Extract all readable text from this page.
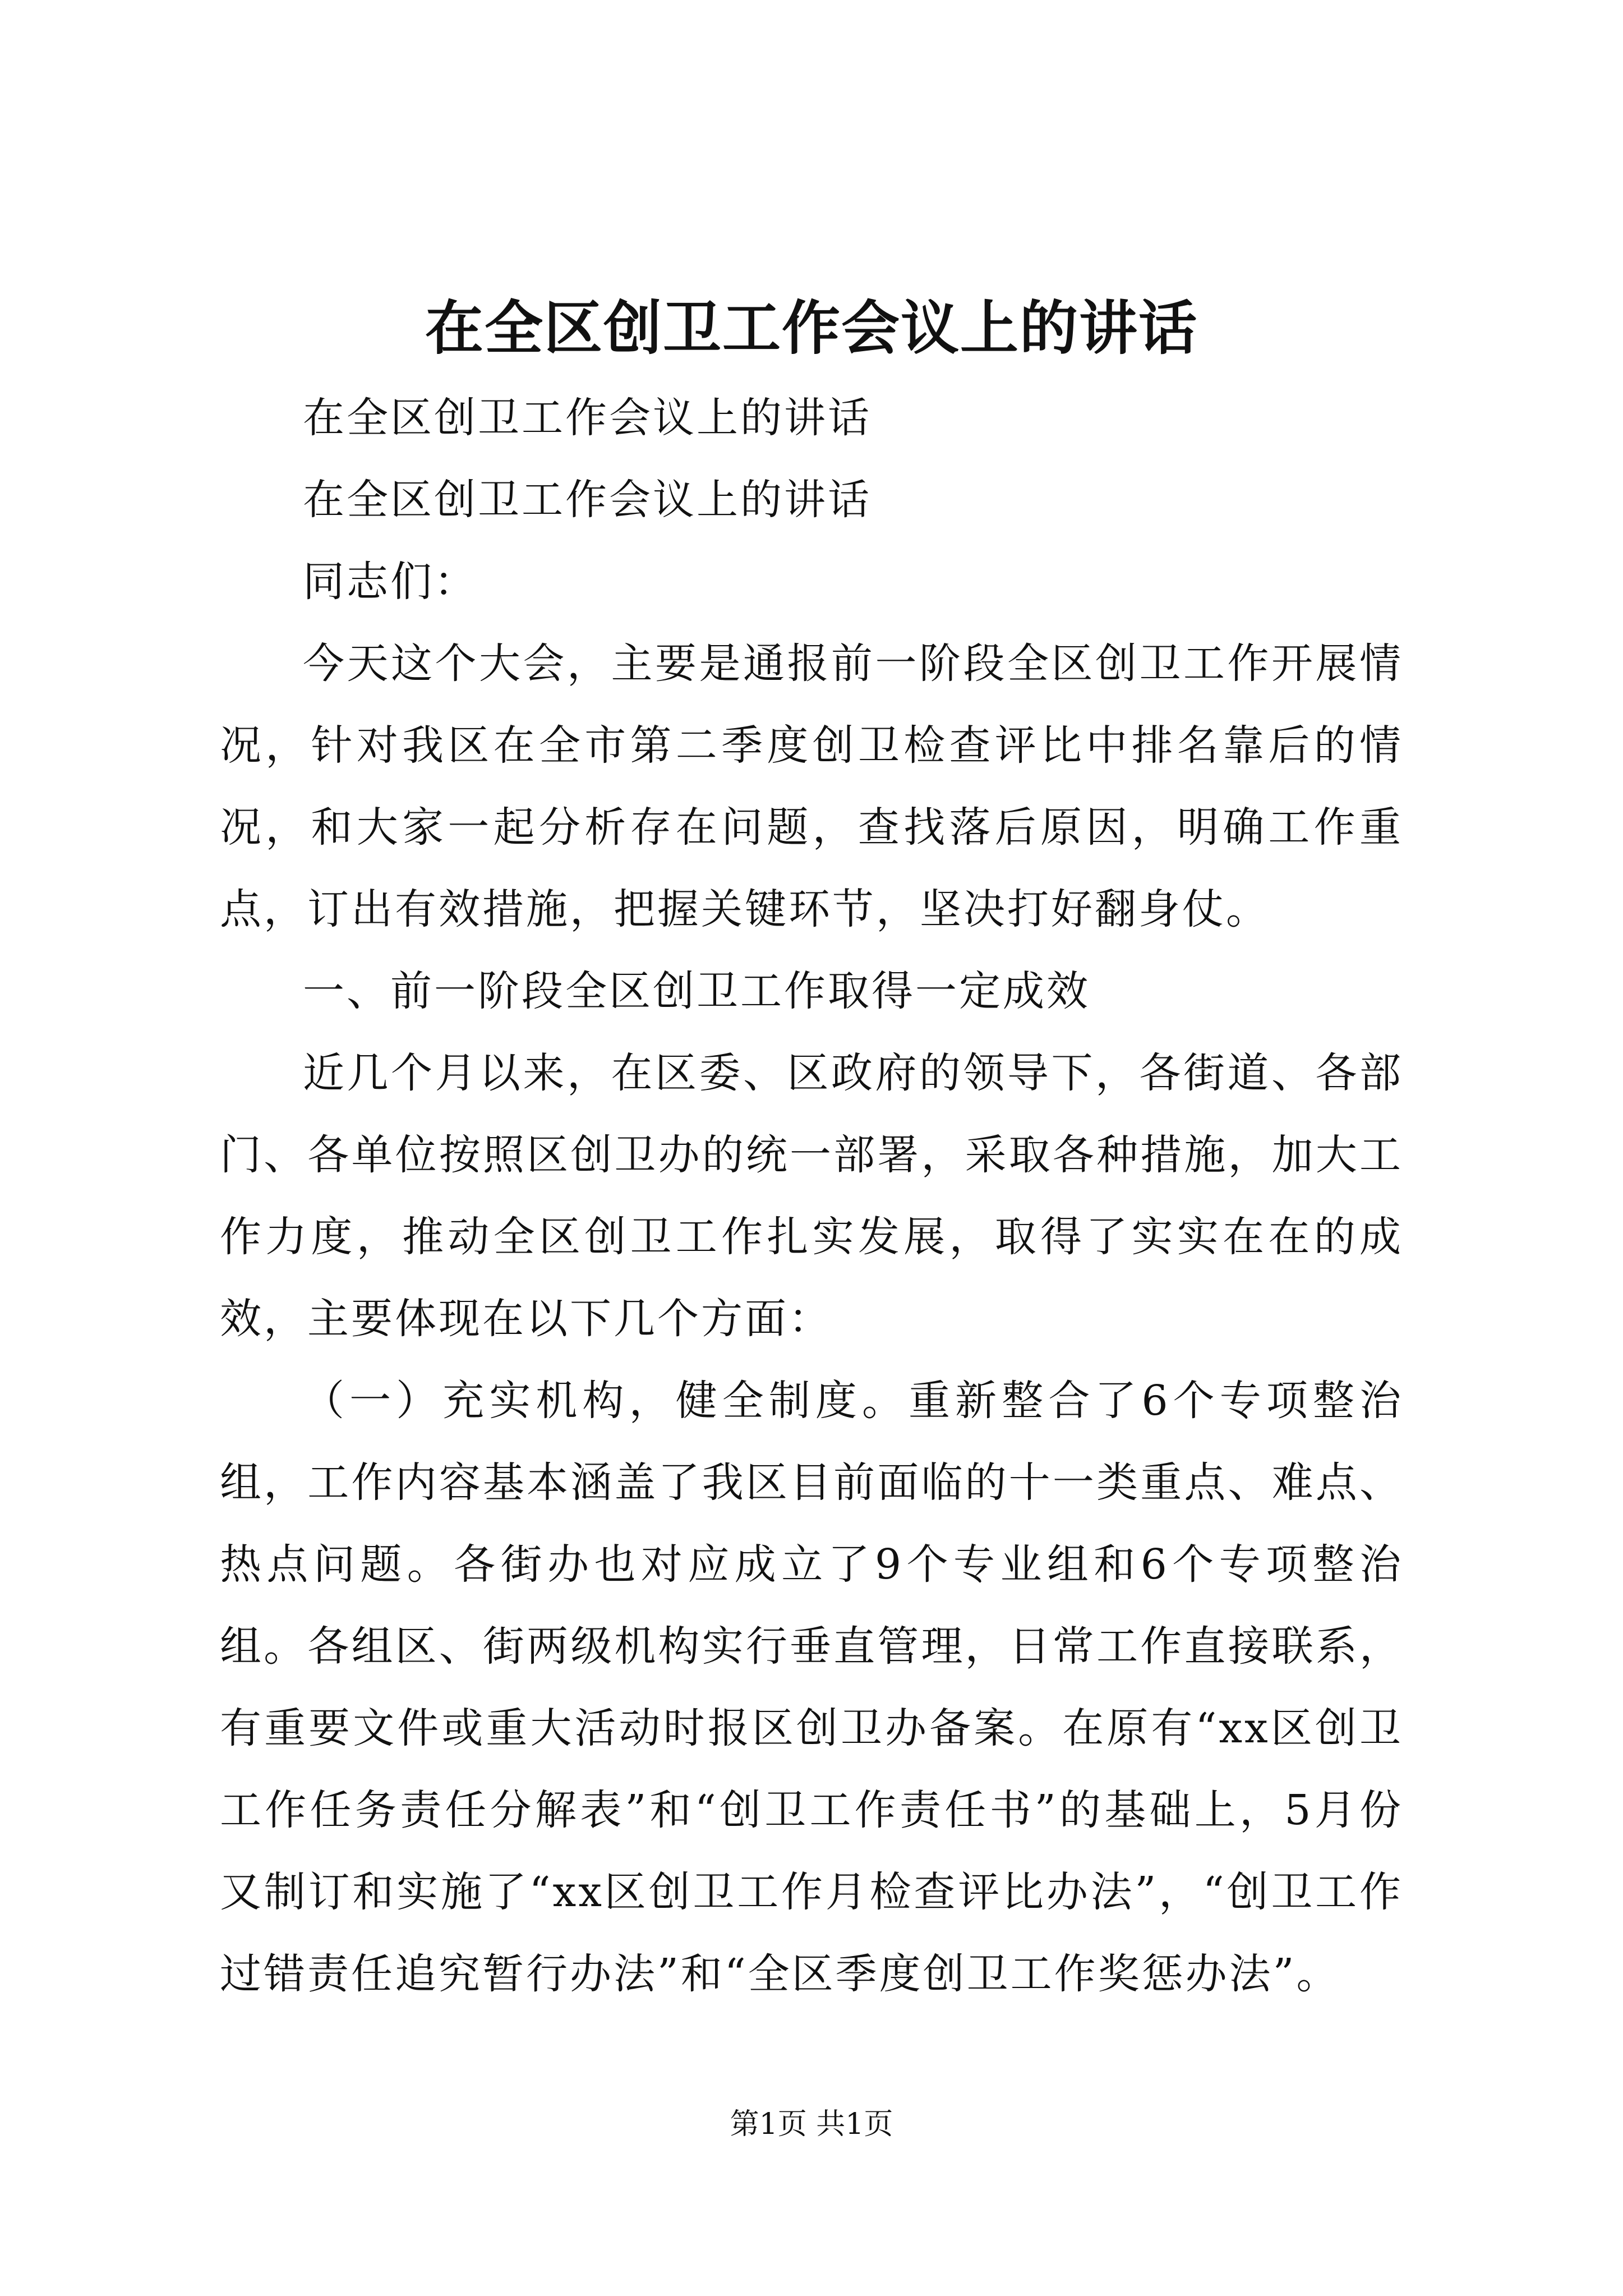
在全区创卫工作会议上的讲话

在全区创卫工作会议上的讲话

在全区创卫工作会议上的讲话

同志们：

今天这个大会，主要是通报前一阶段全区创卫工作开展情况，针对我区在全市第二季度创卫检查评比中排名靠后的情况，和大家一起分析存在问题，查找落后原因，明确工作重点，订出有效措施，把握关键环节，坚决打好翻身仗。

一、前一阶段全区创卫工作取得一定成效

近几个月以来，在区委、区政府的领导下，各街道、各部门、各单位按照区创卫办的统一部署，采取各种措施，加大工作力度，推动全区创卫工作扎实发展，取得了实实在在的成效，主要体现在以下几个方面：

（一）充实机构，健全制度。重新整合了6个专项整治组，工作内容基本涵盖了我区目前面临的十一类重点、难点、热点问题。各街办也对应成立了9个专业组和6个专项整治组。各组区、街两级机构实行垂直管理，日常工作直接联系，有重要文件或重大活动时报区创卫办备案。在原有“xx区创卫工作任务责任分解表”和“创卫工作责任书”的基础上，5月份又制订和实施了“xx区创卫工作月检查评比办法”，“创卫工作过错责任追究暂行办法”和“全区季度创卫工作奖惩办法”。

第1页 共1页
